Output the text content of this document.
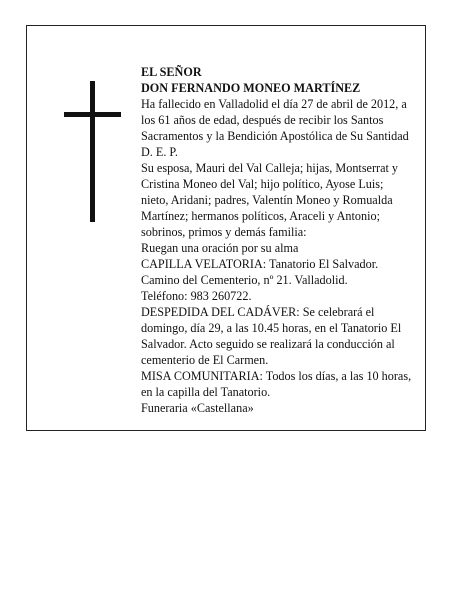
EL SEÑOR
DON FERNANDO MONEO MARTÍNEZ
Ha fallecido en Valladolid el día 27 de abril de 2012, a
los 61 años de edad, después de recibir los Santos
Sacramentos y la Bendición Apostólica de Su Santidad
D. E. P.
Su esposa, Mauri del Val Calleja; hijas, Montserrat y
Cristina Moneo del Val; hijo político, Ayose Luis;
nieto, Aridani; padres, Valentín Moneo y Romualda
Martínez; hermanos políticos, Araceli y Antonio;
sobrinos, primos y demás familia:
Ruegan una oración por su alma
CAPILLA VELATORIA: Tanatorio El Salvador.
Camino del Cementerio, nº 21. Valladolid.
Teléfono: 983 260722.
DESPEDIDA DEL CADÁVER: Se celebrará el
domingo, día 29, a las 10.45 horas, en el Tanatorio El
Salvador. Acto seguido se realizará la conducción al
cementerio de El Carmen.
MISA COMUNITARIA: Todos los días, a las 10 horas,
en la capilla del Tanatorio.
Funeraria «Castellana»
